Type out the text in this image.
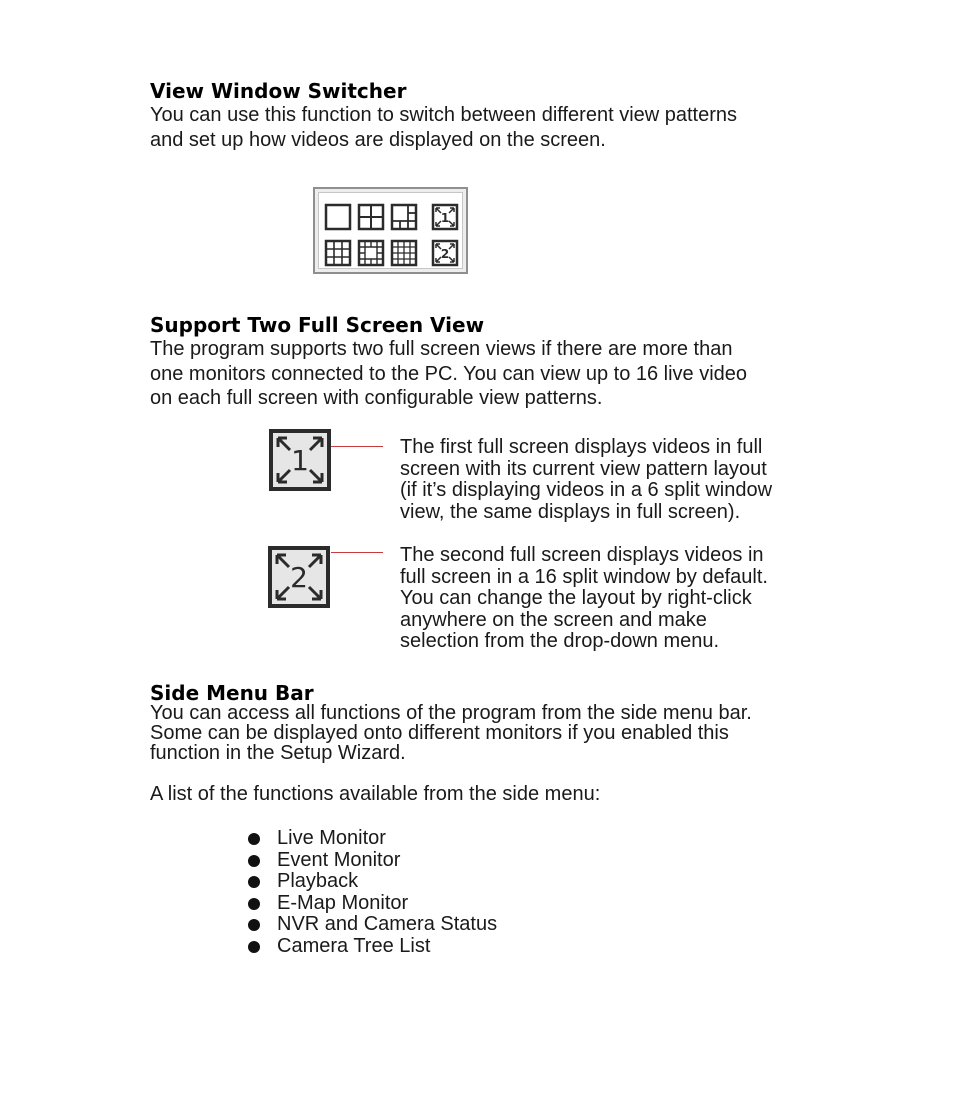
View Window Switcher
You can use this function to switch between different view patterns
and set up how videos are displayed on the screen.
1
2
Support Two Full Screen View
The program supports two full screen views if there are more than
one monitors connected to the PC. You can view up to 16 live video
on each full screen with configurable view patterns.
1	The first full screen displays videos in full
screen with its current view pattern layout
(if it’s displaying videos in a 6 split window
view, the same displays in full screen).
2
The second full screen displays videos in
full screen in a 16 split window by default.
You can change the layout by right-click
anywhere on the screen and make
selection from the drop-down menu.
Side Menu Bar
You can access all functions of the program from the side menu bar.
Some can be displayed onto different monitors if you enabled this
function in the Setup Wizard.
A list of the functions available from the side menu:
Live Monitor
Event Monitor
Playback
E-Map Monitor
NVR and Camera Status
Camera Tree List
